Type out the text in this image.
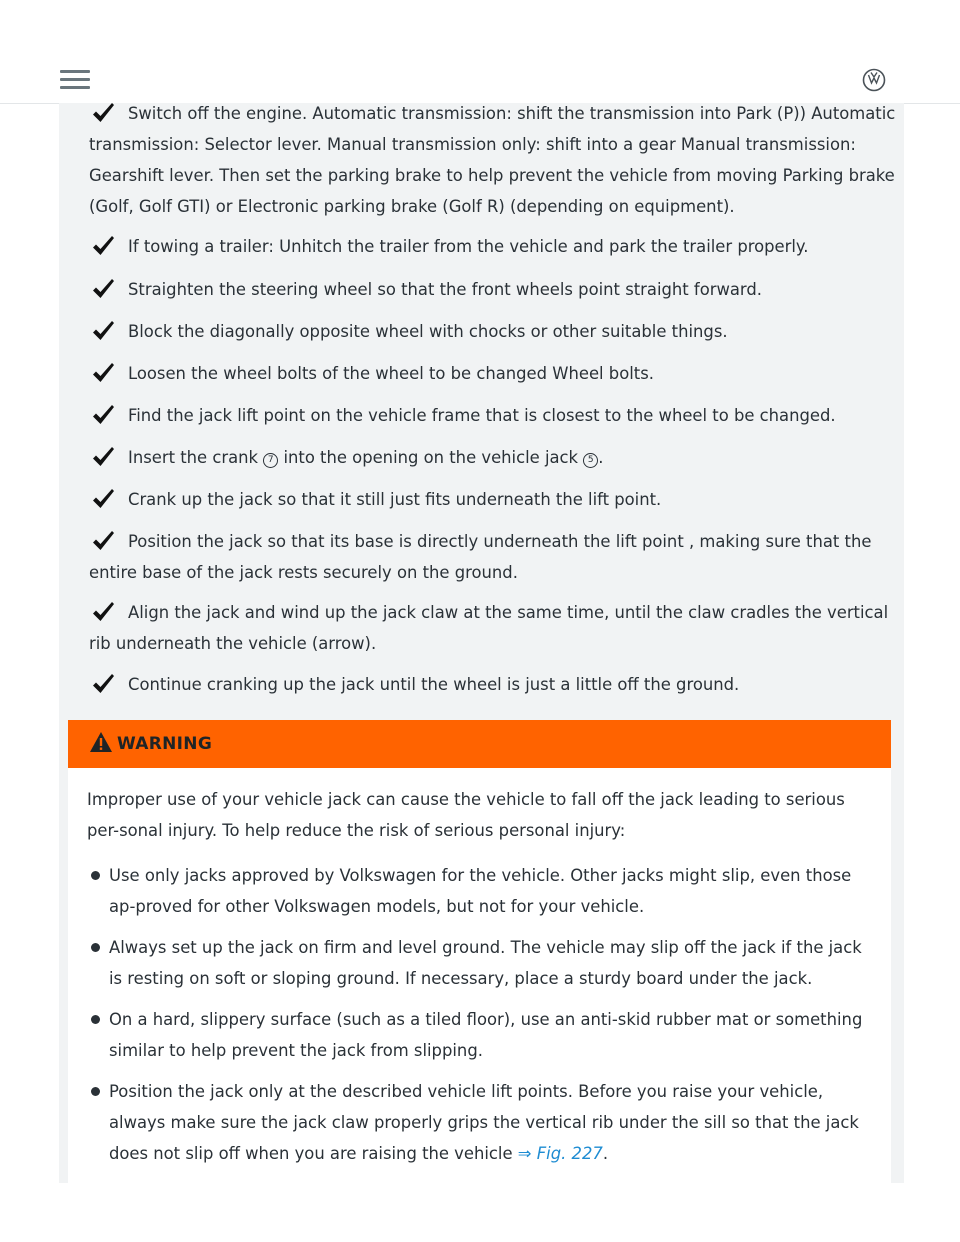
Switch off the engine. Automatic transmission: shift the transmission into Park (P)) Automatic transmission: Selector lever. Manual transmission only: shift into a gear Manual transmission: Gearshift lever. Then set the parking brake to help prevent the vehicle from moving Parking brake (Golf, Golf GTI) or Electronic parking brake (Golf R) (depending on equipment).
If towing a trailer: Unhitch the trailer from the vehicle and park the trailer properly.
Straighten the steering wheel so that the front wheels point straight forward.
Block the diagonally opposite wheel with chocks or other suitable things.
Loosen the wheel bolts of the wheel to be changed Wheel bolts.
Find the jack lift point on the vehicle frame that is closest to the wheel to be changed.
Insert the crank 7 into the opening on the vehicle jack 5 .
Crank up the jack so that it still just fits underneath the lift point.
Position the jack so that its base is directly underneath the lift point , making sure that the entire base of the jack rests securely on the ground.
Align the jack and wind up the jack claw at the same time, until the claw cradles the vertical rib underneath the vehicle (arrow).
Continue cranking up the jack until the wheel is just a little off the ground.
WARNING
Improper use of your vehicle jack can cause the vehicle to fall off the jack leading to serious per-sonal injury. To help reduce the risk of serious personal injury:
Use only jacks approved by Volkswagen for the vehicle. Other jacks might slip, even those ap-proved for other Volkswagen models, but not for your vehicle.
Always set up the jack on firm and level ground. The vehicle may slip off the jack if the jack is resting on soft or sloping ground. If necessary, place a sturdy board under the jack.
On a hard, slippery surface (such as a tiled floor), use an anti-skid rubber mat or something similar to help prevent the jack from slipping.
Position the jack only at the described vehicle lift points. Before you raise your vehicle, always make sure the jack claw properly grips the vertical rib under the sill so that the jack does not slip off when you are raising the vehicle ⇒ Fig. 227.
